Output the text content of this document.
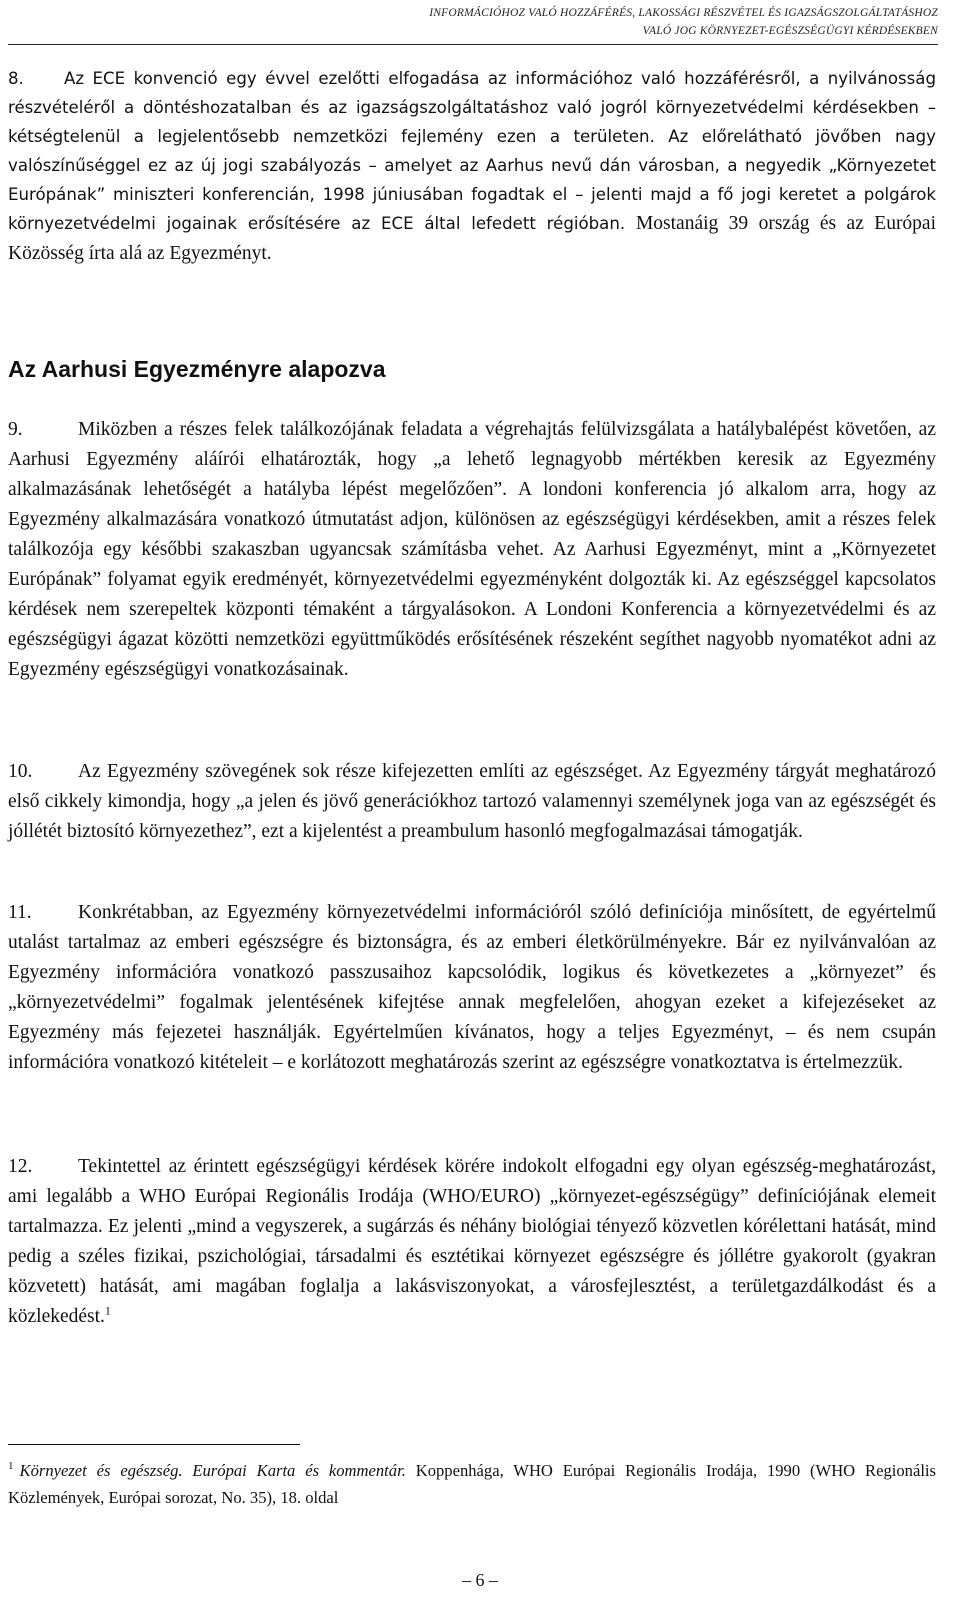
INFORMÁCIÓHOZ VALÓ HOZZÁFÉRÉS, LAKOSSÁGI RÉSZVÉTEL ÉS IGAZSÁGSZOLGÁLTATÁSHOZ
VALÓ JOG KÖRNYEZET-EGÉSZSÉGÜGYI KÉRDÉSEKBEN
8. Az ECE konvenció egy évvel ezelőtti elfogadása az információhoz való hozzáférésről, a nyilvánosság részvételéről a döntéshozatalban és az igazságszolgáltatáshoz való jogról környezetvédelmi kérdésekben – kétségtelenül a legjelentősebb nemzetközi fejlemény ezen a területen. Az előrelátható jövőben nagy valószínűséggel ez az új jogi szabályozás – amelyet az Aarhus nevű dán városban, a negyedik „Környezetet Európának” miniszteri konferencián, 1998 júniusában fogadtak el – jelenti majd a fő jogi keretet a polgárok környezetvédelmi jogainak erősítésére az ECE által lefedett régióban. Mostanáig 39 ország és az Európai Közösség írta alá az Egyezményt.
Az Aarhusi Egyezményre alapozva
9.	Miközben a részes felek találkozójának feladata a végrehajtás felülvizsgálata a hatálybalépést követően, az Aarhusi Egyezmény aláírói elhatározták, hogy „a lehető legnagyobb mértékben keresik az Egyezmény alkalmazásának lehetőségét a hatályba lépést megelőzően”. A londoni konferencia jó alkalom arra, hogy az Egyezmény alkalmazására vonatkozó útmutatást adjon, különösen az egészségügyi kérdésekben, amit a részes felek találkozója egy későbbi szakaszban ugyancsak számításba vehet. Az Aarhusi Egyezményt, mint a „Környezetet Európának” folyamat egyik eredményét, környezetvédelmi egyezményként dolgozták ki. Az egészséggel kapcsolatos kérdések nem szerepeltek központi témaként a tárgyalásokon. A Londoni Konferencia a környezetvédelmi és az egészségügyi ágazat közötti nemzetközi együttműködés erősítésének részeként segíthet nagyobb nyomatékot adni az Egyezmény egészségügyi vonatkozásainak.
10. Az Egyezmény szövegének sok része kifejezetten említi az egészséget. Az Egyezmény tárgyát meghatározó első cikkely kimondja, hogy „a jelen és jövő generációkhoz tartozó valamennyi személynek joga van az egészségét és jóllétét biztosító környezethez”, ezt a kijelentést a preambulum hasonló megfogalmazásai támogatják.
11. Konkrétabban, az Egyezmény környezetvédelmi információról szóló definíciója minősített, de egyértelmű utalást tartalmaz az emberi egészségre és biztonságra, és az emberi életkörülményekre. Bár ez nyilvánvalóan az Egyezmény információra vonatkozó passzusaihoz kapcsolódik, logikus és következetes a „környezet” és „környezetvédelmi” fogalmak jelentésének kifejtése annak megfelelően, ahogyan ezeket a kifejezéseket az Egyezmény más fejezetei használják. Egyértelműen kívánatos, hogy a teljes Egyezményt, – és nem csupán információra vonatkozó kitételeit – e korlátozott meghatározás szerint az egészségre vonatkoztatva is értelmezzük.
12. Tekintettel az érintett egészségügyi kérdések körére indokolt elfogadni egy olyan egészség-meghatározást, ami legalább a WHO Európai Regionális Irodája (WHO/EURO) „környezet-egészségügy” definíciójának elemeit tartalmazza. Ez jelenti „mind a vegyszerek, a sugárzás és néhány biológiai tényező közvetlen kórélettani hatását, mind pedig a széles fizikai, pszichológiai, társadalmi és esztétikai környezet egészségre és jóllétre gyakorolt (gyakran közvetett) hatását, ami magában foglalja a lakásviszonyokat, a városfejlesztést, a területgazdálkodást és a közlekedést.$^1$
$^1$ Környezet és egészség. Európai Karta és kommentár. Koppenhága, WHO Európai Regionális Irodája, 1990 (WHO Regionális Közlemények, Európai sorozat, No. 35), 18. oldal
– 6 –
